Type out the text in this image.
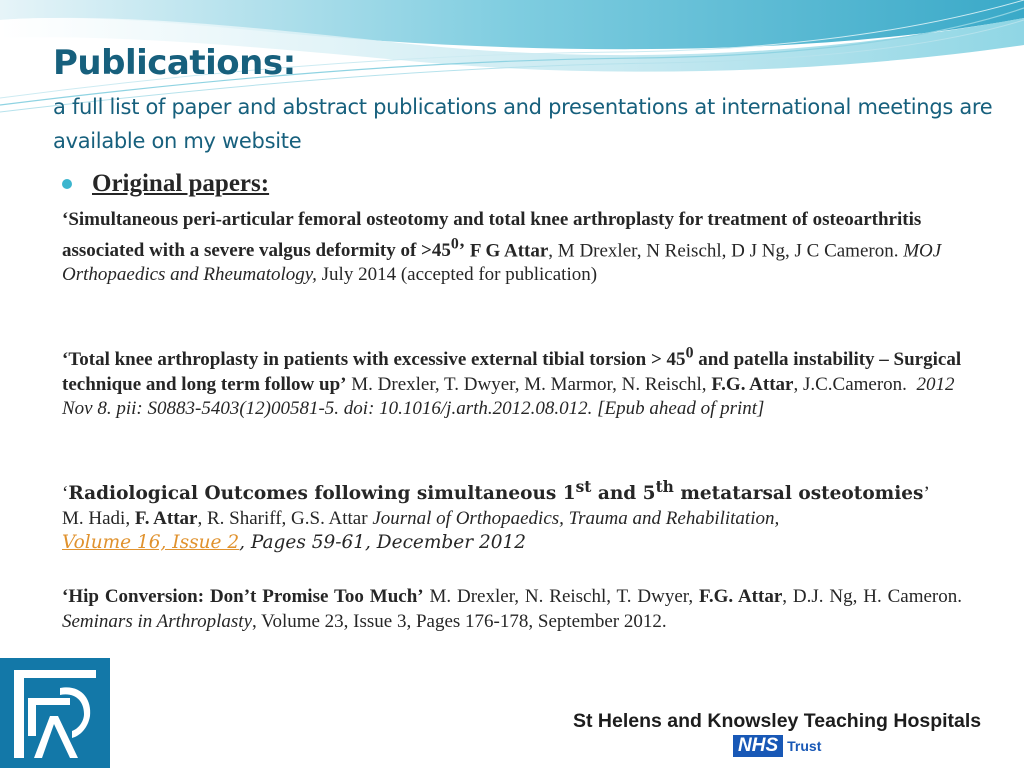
Publications:

a full list of paper and abstract publications and presentations at international meetings are available on my website

Original papers:

‘Simultaneous peri-articular femoral osteotomy and total knee arthroplasty for treatment of osteoarthritis associated with a severe valgus deformity of $>45^0$’ F G Attar, M Drexler, N Reischl, D J Ng, J C Cameron. MOJ Orthopaedics and Rheumatology, July 2014 (accepted for publication)

‘Total knee arthroplasty in patients with excessive external tibial torsion > $45^0$ and patella instability – Surgical technique and long term follow up’ M. Drexler, T. Dwyer, M. Marmor, N. Reischl, F.G. Attar, J.C.Cameron. 2012 Nov 8. pii: S0883-5403(12)00581-5. doi: 10.1016/j.arth.2012.08.012. [Epub ahead of print]

‘Radiological Outcomes following simultaneous 1st and 5th metatarsal osteotomies’
M. Hadi, F. Attar, R. Shariff, G.S. Attar Journal of Orthopaedics, Trauma and Rehabilitation,
Volume 16, Issue 2, Pages 59-61, December 2012

‘Hip Conversion: Don’t Promise Too Much’ M. Drexler, N. Reischl, T. Dwyer, F.G. Attar, D.J. Ng, H. Cameron. Seminars in Arthroplasty, Volume 23, Issue 3, Pages 176-178, September 2012.

St Helens and Knowsley Teaching Hospitals
NHS Trust
